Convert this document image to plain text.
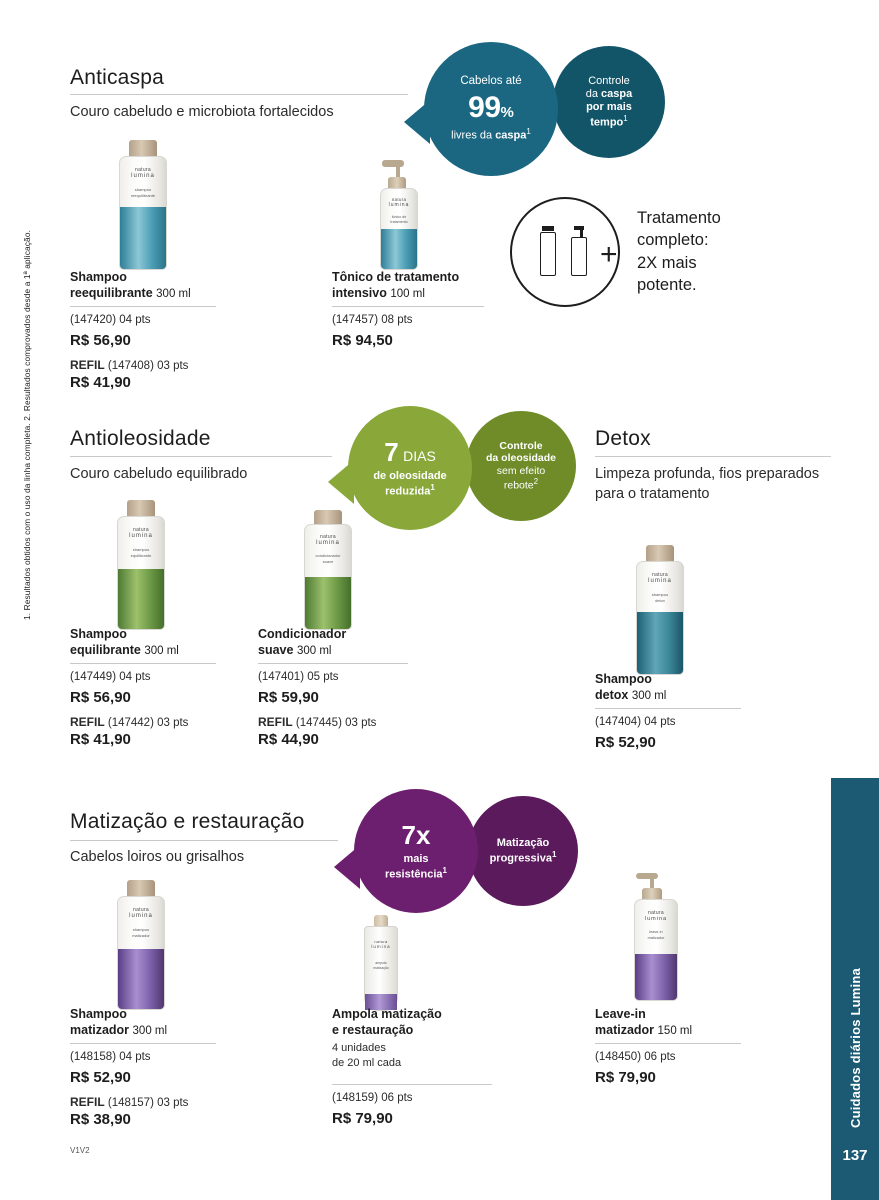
1. Resultados obtidos com o uso da linha completa. 2. Resultados comprovados desde a 1ª aplicação.
Cuidados diários Lumina
137
Anticaspa
Couro cabeludo e microbiota fortalecidos
Cabelos até
99%
livres da caspa$^1$
Controle
da caspa
por mais
tempo$^1$
natura
lumina
shampoo
reequilibrante
Shampoo
reequilibrante 300 ml
(147420) 04 pts
R$ 56,90
REFIL (147408) 03 pts
R$ 41,90
natura
lumina
tônico de
tratamento
Tônico de tratamento
intensivo 100 ml
(147457) 08 pts
R$ 94,50
+
Tratamento
completo:
2X mais
potente.
Antioleosidade
Couro cabeludo equilibrado
7 DIAS
de oleosidade
reduzida$^1$
Controle
da oleosidade
sem efeito
rebote$^2$
Detox
Limpeza profunda, fios preparados para o tratamento
natura
lumina
shampoo
equilibrante
Shampoo
equilibrante 300 ml
(147449) 04 pts
R$ 56,90
REFIL (147442) 03 pts
R$ 41,90
natura
lumina
condicionador
suave
Condicionador
suave 300 ml
(147401) 05 pts
R$ 59,90
REFIL (147445) 03 pts
R$ 44,90
natura
lumina
shampoo
detox
Shampoo
detox 300 ml
(147404) 04 pts
R$ 52,90
Matização e restauração
Cabelos loiros ou grisalhos
7x
mais
resistência$^1$
Matização
progressiva$^1$
natura
lumina
shampoo
matizador
Shampoo
matizador 300 ml
(148158) 04 pts
R$ 52,90
REFIL (148157) 03 pts
R$ 38,90
natura
lumina
ampola
matização
Ampola matização
e restauração
4 unidades
de 20 ml cada
(148159) 06 pts
R$ 79,90
natura
lumina
leave-in
matizador
Leave-in
matizador 150 ml
(148450) 06 pts
R$ 79,90
V1V2
